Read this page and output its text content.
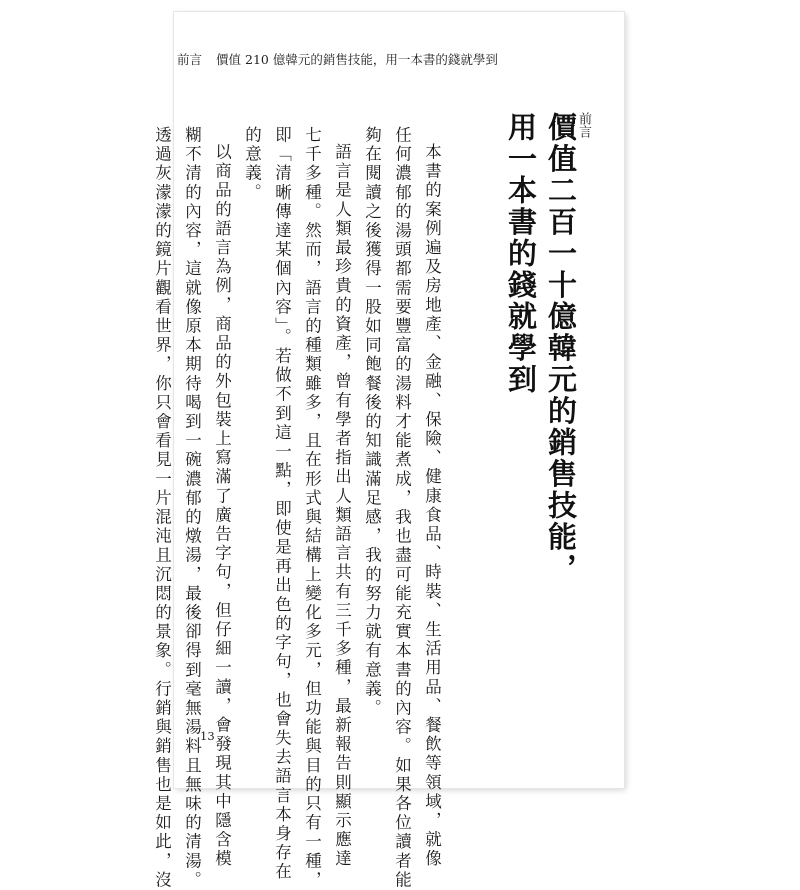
前言 價值 210 億韓元的銷售技能，用一本書的錢就學到
前言
價值二百一十億韓元的銷售技能，
用一本書的錢就學到
本書的案例遍及房地產、金融、保險、健康食品、時裝、生活用品、餐飲等領域，就像
任何濃郁的湯頭都需要豐富的湯料才能煮成，我也盡可能充實本書的內容。如果各位讀者能
夠在閱讀之後獲得一股如同飽餐後的知識滿足感，我的努力就有意義。
語言是人類最珍貴的資產，曾有學者指出人類語言共有三千多種，最新報告則顯示應達
七千多種。然而，語言的種類雖多，且在形式與結構上變化多元，但功能與目的只有一種，
即「清晰傳達某個內容」。若做不到這一點，即使是再出色的字句，也會失去語言本身存在
的意義。
以商品的語言為例，商品的外包裝上寫滿了廣告字句，但仔細一讀，會發現其中隱含模
糊不清的內容，這就像原本期待喝到一碗濃郁的燉湯，最後卻得到毫無湯料且無味的清湯。
透過灰濛濛的鏡片觀看世界，你只會看見一片混沌且沉悶的景象。行銷與銷售也是如此，沒 13
